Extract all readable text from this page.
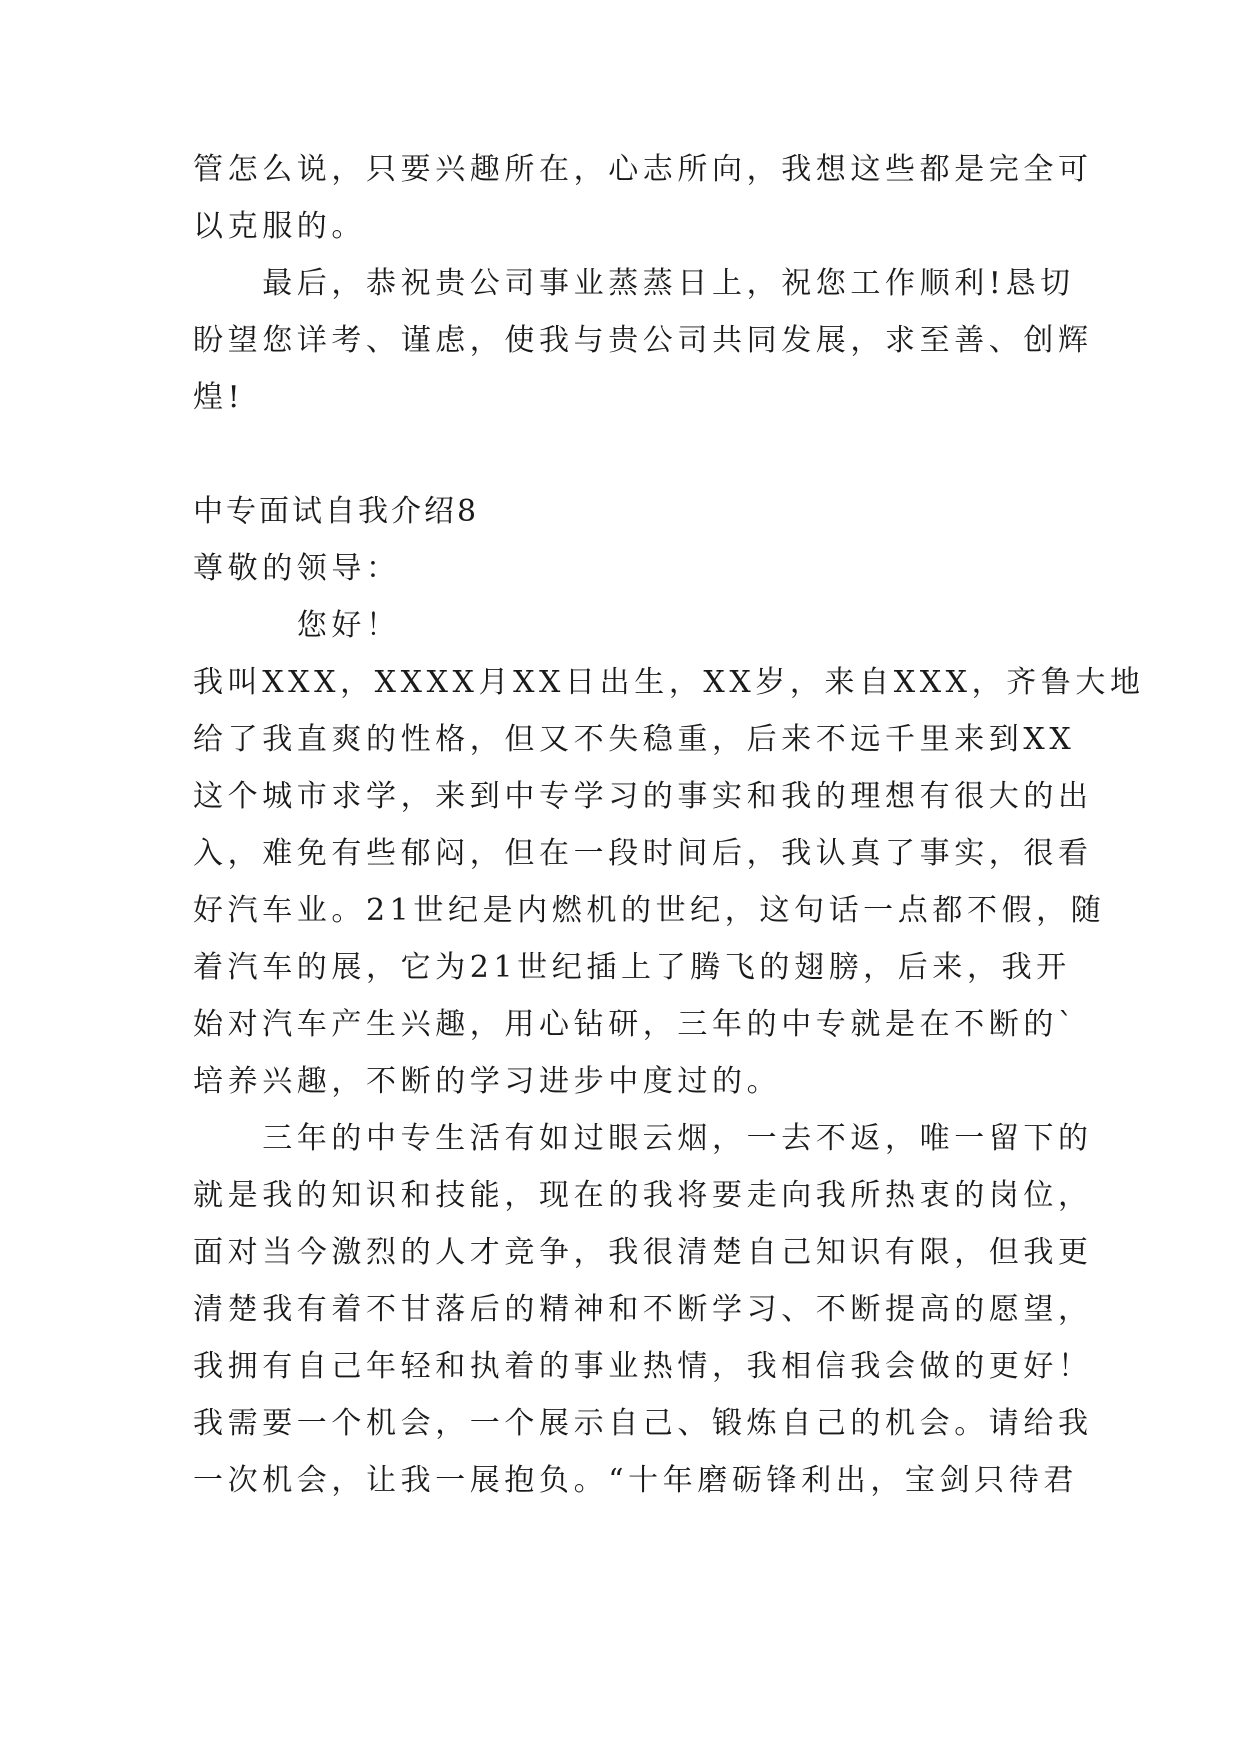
管怎么说，只要兴趣所在，心志所向，我想这些都是完全可
以克服的。
　　最后，恭祝贵公司事业蒸蒸日上，祝您工作顺利!恳切
盼望您详考、谨虑，使我与贵公司共同发展，求至善、创辉
煌!
中专面试自我介绍8
尊敬的领导：
　　　您好！
我叫XXX，XXXX月XX日出生，XX岁，来自XXX，齐鲁大地
给了我直爽的性格，但又不失稳重，后来不远千里来到XX
这个城市求学，来到中专学习的事实和我的理想有很大的出
入，难免有些郁闷，但在一段时间后，我认真了事实，很看
好汽车业。21世纪是内燃机的世纪，这句话一点都不假，随
着汽车的展，它为21世纪插上了腾飞的翅膀，后来，我开
始对汽车产生兴趣，用心钻研，三年的中专就是在不断的`
培养兴趣，不断的学习进步中度过的。
　　三年的中专生活有如过眼云烟，一去不返，唯一留下的
就是我的知识和技能，现在的我将要走向我所热衷的岗位，
面对当今激烈的人才竞争，我很清楚自己知识有限，但我更
清楚我有着不甘落后的精神和不断学习、不断提高的愿望，
我拥有自己年轻和执着的事业热情，我相信我会做的更好！
我需要一个机会，一个展示自己、锻炼自己的机会。请给我
一次机会，让我一展抱负。“十年磨砺锋利出，宝剑只待君
